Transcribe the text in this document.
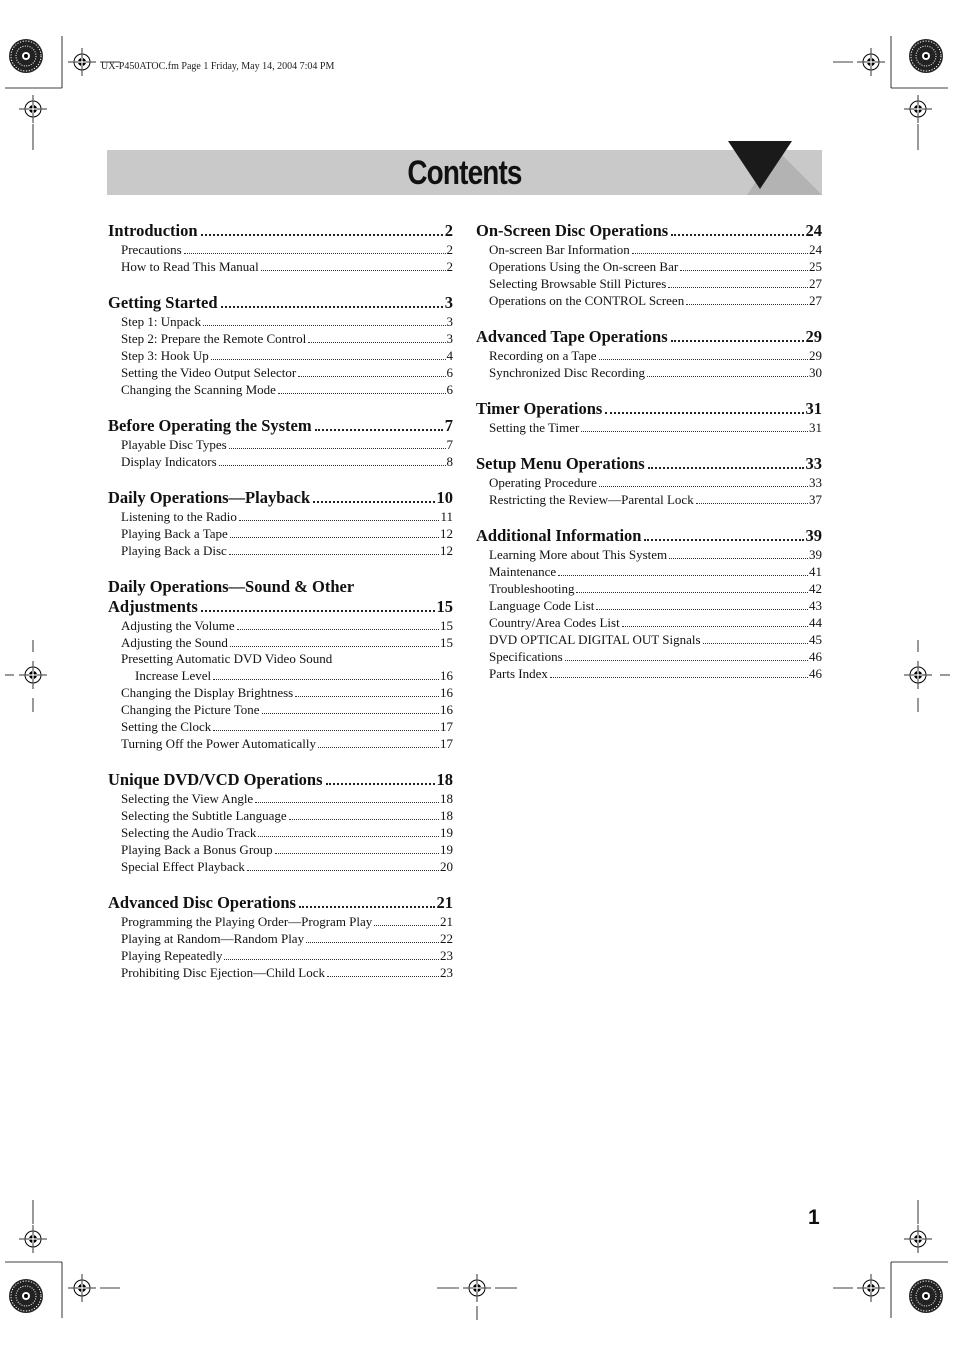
UX-P450ATOC.fm Page 1 Friday, May 14, 2004 7:04 PM
Contents
Introduction	2
Precautions	2
How to Read This Manual	2
Getting Started	3
Step 1: Unpack	3
Step 2: Prepare the Remote Control	3
Step 3: Hook Up	4
Setting the Video Output Selector	6
Changing the Scanning Mode	6
Before Operating the System	7
Playable Disc Types	7
Display Indicators	8
Daily Operations—Playback	10
Listening to the Radio	11
Playing Back a Tape	12
Playing Back a Disc	12
Daily Operations—Sound & Other
Adjustments	15
Adjusting the Volume	15
Adjusting the Sound	15
Presetting Automatic DVD Video Sound
Increase Level	16
Changing the Display Brightness	16
Changing the Picture Tone	16
Setting the Clock	17
Turning Off the Power Automatically	17
Unique DVD/VCD Operations	18
Selecting the View Angle	18
Selecting the Subtitle Language	18
Selecting the Audio Track	19
Playing Back a Bonus Group	19
Special Effect Playback	20
Advanced Disc Operations	21
Programming the Playing Order—Program Play	21
Playing at Random—Random Play	22
Playing Repeatedly	23
Prohibiting Disc Ejection—Child Lock	23
On-Screen Disc Operations	24
On-screen Bar Information	24
Operations Using the On-screen Bar	25
Selecting Browsable Still Pictures	27
Operations on the CONTROL Screen	27
Advanced Tape Operations	29
Recording on a Tape	29
Synchronized Disc Recording	30
Timer Operations	31
Setting the Timer	31
Setup Menu Operations	33
Operating Procedure	33
Restricting the Review—Parental Lock	37
Additional Information	39
Learning More about This System	39
Maintenance	41
Troubleshooting	42
Language Code List	43
Country/Area Codes List	44
DVD OPTICAL DIGITAL OUT Signals	45
Specifications	46
Parts Index	46
1
